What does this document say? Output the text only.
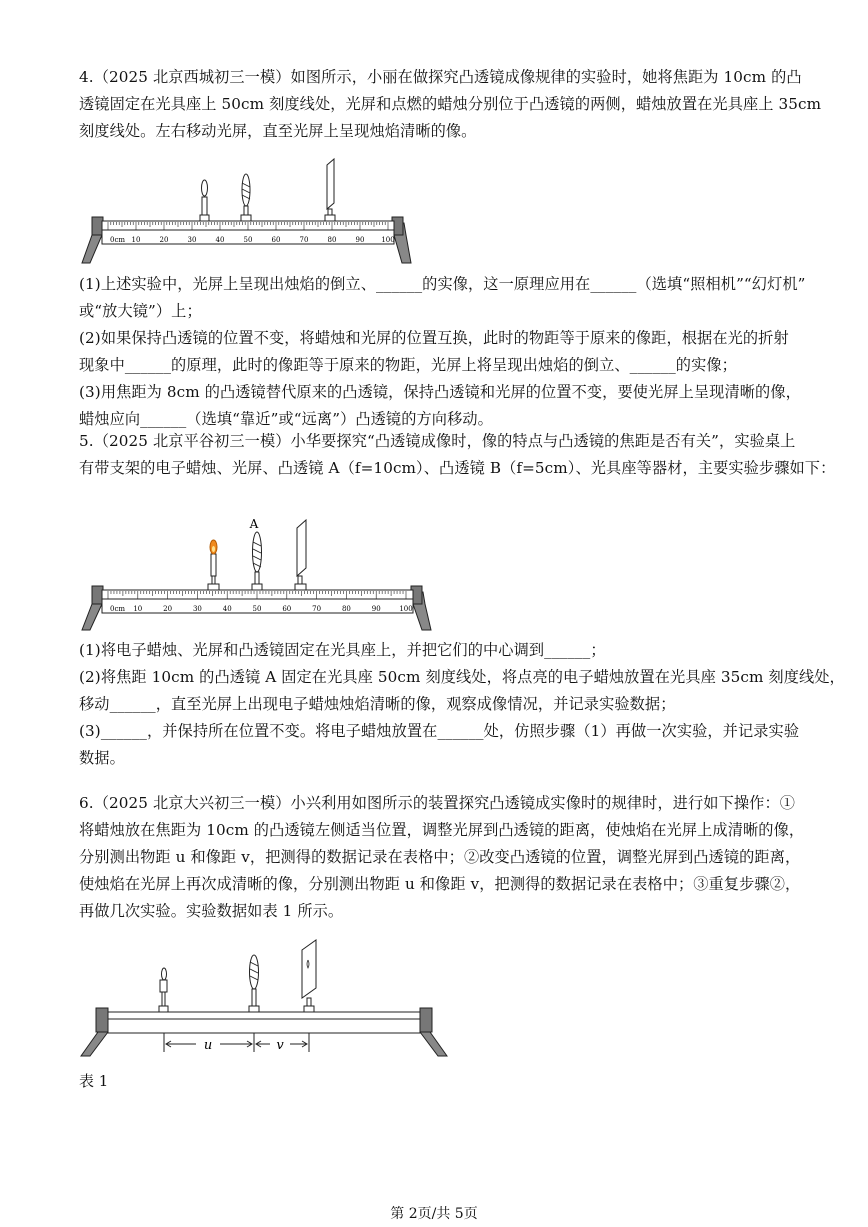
4.（2025 北京西城初三一模）如图所示，小丽在做探究凸透镜成像规律的实验时，她将焦距为 10cm 的凸
透镜固定在光具座上 50cm 刻度线处，光屏和点燃的蜡烛分别位于凸透镜的两侧，蜡烛放置在光具座上 35cm
刻度线处。左右移动光屏，直至光屏上呈现烛焰清晰的像。
0cm 10	20	30	40	50	60	70	80	90 100
(1)上述实验中，光屏上呈现出烛焰的倒立、______的实像，这一原理应用在______（选填“照相机”“幻灯机”
或“放大镜”）上；
(2)如果保持凸透镜的位置不变，将蜡烛和光屏的位置互换，此时的物距等于原来的像距，根据在光的折射
现象中______的原理，此时的像距等于原来的物距，光屏上将呈现出烛焰的倒立、______的实像；
(3)用焦距为 8cm 的凸透镜替代原来的凸透镜，保持凸透镜和光屏的位置不变，要使光屏上呈现清晰的像，
蜡烛应向______（选填“靠近”或“远离”）凸透镜的方向移动。
5.（2025 北京平谷初三一模）小华要探究“凸透镜成像时，像的特点与凸透镜的焦距是否有关”，实验桌上
有带支架的电子蜡烛、光屏、凸透镜 A（f=10cm）、凸透镜 B（f=5cm）、光具座等器材，主要实验步骤如下：
0cm 10	20	30	40	50	60	70	80	90	100
A
(1)将电子蜡烛、光屏和凸透镜固定在光具座上，并把它们的中心调到______；
(2)将焦距 10cm 的凸透镜 A 固定在光具座 50cm 刻度线处，将点亮的电子蜡烛放置在光具座 35cm 刻度线处，
移动______，直至光屏上出现电子蜡烛烛焰清晰的像，观察成像情况，并记录实验数据；
(3)______，并保持所在位置不变。将电子蜡烛放置在______处，仿照步骤（1）再做一次实验，并记录实验
数据。
6.（2025 北京大兴初三一模）小兴利用如图所示的装置探究凸透镜成实像时的规律时，进行如下操作：①
将蜡烛放在焦距为 10cm 的凸透镜左侧适当位置，调整光屏到凸透镜的距离，使烛焰在光屏上成清晰的像，
分别测出物距 u 和像距 v，把测得的数据记录在表格中；②改变凸透镜的位置，调整光屏到凸透镜的距离，
使烛焰在光屏上再次成清晰的像，分别测出物距 u 和像距 v，把测得的数据记录在表格中；③重复步骤②，
再做几次实验。实验数据如表 1 所示。
u	v
表 1
第 2页/共 5页
